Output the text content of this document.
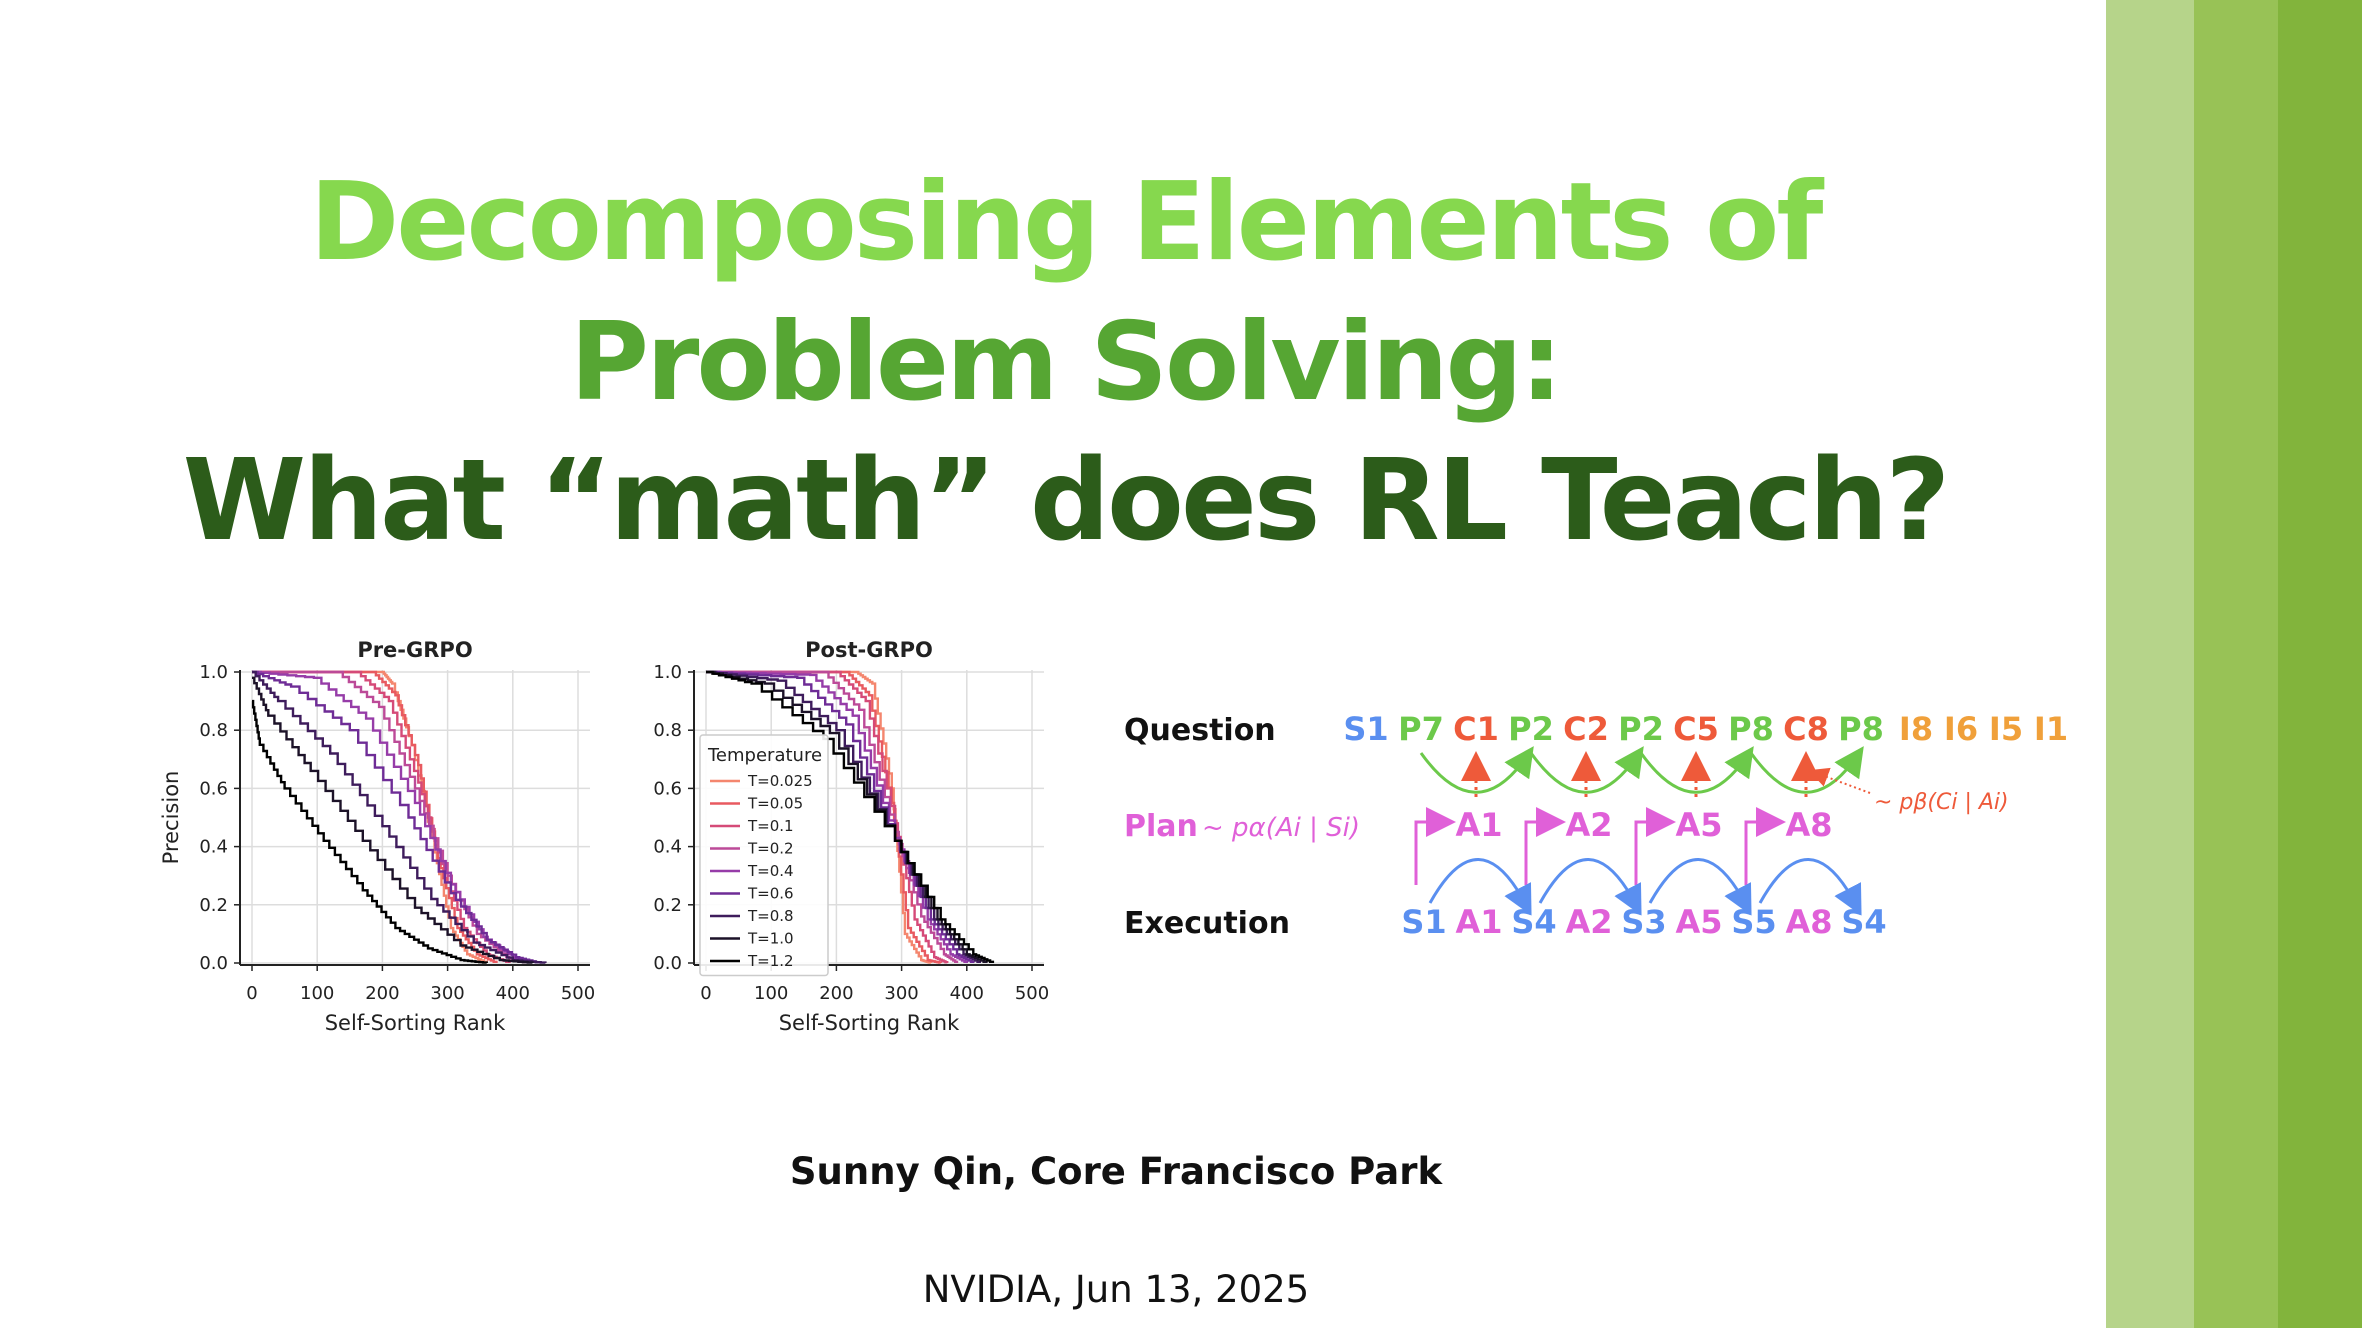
Decomposing Elements of
Problem Solving:
What “math” does RL Teach?
0 100 200 300 400 500
0.0
0.2
0.4
0.6
0.8
1.0
Pre-GRPO
Self-Sorting Rank
Precision
0 100 200 300 400 500
0.0
0.2
0.4
0.6
0.8
1.0
Post-GRPO
Self-Sorting Rank
Temperature
T=0.025
T=0.05
T=0.1
T=0.2
T=0.4
T=0.6
T=0.8
T=1.0
T=1.2
Question
Plan ~ pα(Ai | Si)
Execution
~ pβ(Ci | Ai)
S1 P7 C1 P2 C2 P2 C5 P8 C8 P8 I8 I6 I5 I1
A1 A2 A5 A8
S1 A1 S4 A2 S3 A5 S5 A8 S4
Sunny Qin, Core Francisco Park
NVIDIA, Jun 13, 2025
